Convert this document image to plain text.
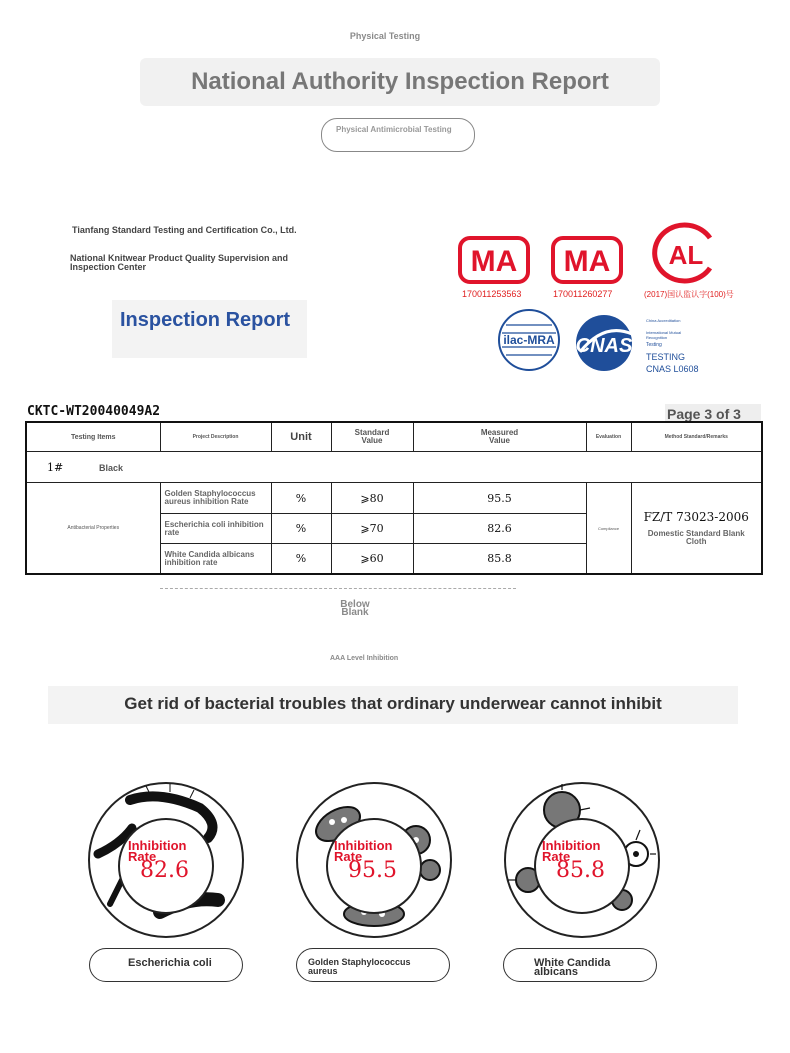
Physical Testing
National Authority Inspection Report
Physical Antimicrobial Testing
Tianfang Standard Testing and Certification Co., Ltd.
National Knitwear Product Quality Supervision and Inspection Center
Inspection Report
MA
170011253563
MA
170011260277
AL
(2017)国认监认字(100)号
ilac-MRA CNAS
China Accreditation
International Mutual Recognition
Testing
TESTING
CNAS L0608
CKTC-WT20040049A2	Page 3 of 3
Testing Items	Project Description	Unit	Standard Value	Measured Value	Evaluation	Method Standard/Remarks
1# Black						
Antibacterial Properties	Golden Staphylococcus aureus inhibition Rate	%	⩾80	95.5	Compliance	FZ/T 73023-2006
Domestic Standard Blank Cloth

	Escherichia coli inhibition rate	%	⩾70	82.6		
	White Candida albicans inhibition rate	%	⩾60	85.8		
Below Blank
AAA Level Inhibition
Get rid of bacterial troubles that ordinary underwear cannot inhibit
Inhibition Rate
82.6
Escherichia coli
Inhibition Rate
95.5
Golden Staphylococcus aureus
Inhibition Rate
85.8
White Candida albicans
